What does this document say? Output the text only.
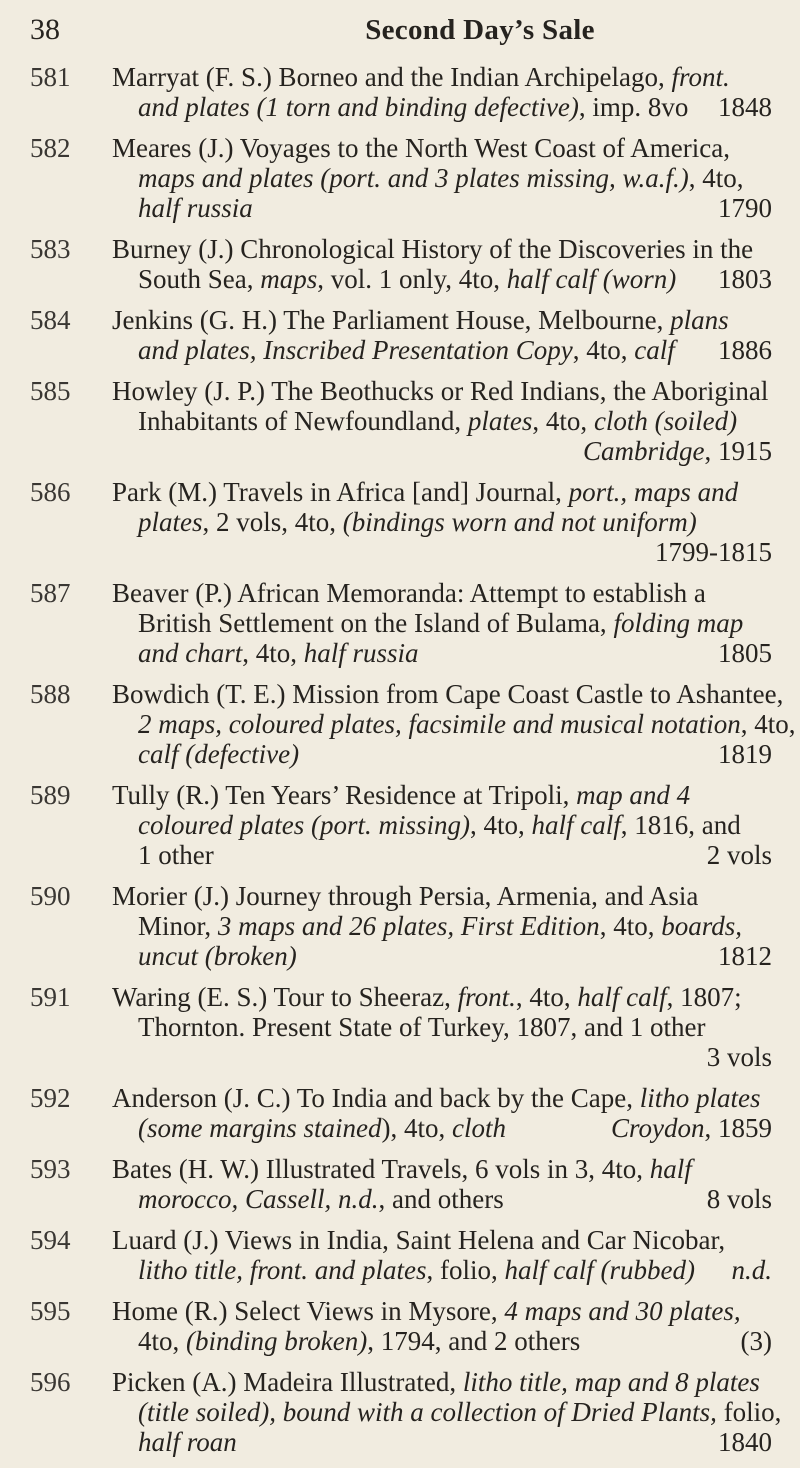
38	Second Day’s Sale
581 Marryat (F. S.) Borneo and the Indian Archipelago, front.
and plates (1 torn and binding defective), imp. 8vo 1848
582 Meares (J.) Voyages to the North West Coast of America,
maps and plates (port. and 3 plates missing, w.a.f.), 4to,
half russia	1790
583 Burney (J.) Chronological History of the Discoveries in the
South Sea, maps, vol. 1 only, 4to, half calf (worn) 1803
584 Jenkins (G. H.) The Parliament House, Melbourne, plans
and plates, Inscribed Presentation Copy, 4to, calf 1886
585 Howley (J. P.) The Beothucks or Red Indians, the Aboriginal
Inhabitants of Newfoundland, plates, 4to, cloth (soiled)
Cambridge, 1915
586 Park (M.) Travels in Africa [and] Journal, port., maps and
plates, 2 vols, 4to, (bindings worn and not uniform)
1799-1815
587 Beaver (P.) African Memoranda: Attempt to establish a
British Settlement on the Island of Bulama, folding map
and chart, 4to, half russia	1805
588 Bowdich (T. E.) Mission from Cape Coast Castle to Ashantee,
2 maps, coloured plates, facsimile and musical notation, 4to,
calf (defective)	1819
589 Tully (R.) Ten Years’ Residence at Tripoli, map and 4
coloured plates (port. missing), 4to, half calf, 1816, and
1 other	2 vols
590 Morier (J.) Journey through Persia, Armenia, and Asia
Minor, 3 maps and 26 plates, First Edition, 4to, boards,
uncut (broken)	1812
591 Waring (E. S.) Tour to Sheeraz, front., 4to, half calf, 1807;
Thornton. Present State of Turkey, 1807, and 1 other
3 vols
592 Anderson (J. C.) To India and back by the Cape, litho plates
(some margins stained), 4to, cloth	Croydon, 1859
593 Bates (H. W.) Illustrated Travels, 6 vols in 3, 4to, half
morocco, Cassell, n.d., and others	8 vols
594 Luard (J.) Views in India, Saint Helena and Car Nicobar,
litho title, front. and plates, folio, half calf (rubbed) n.d.
595 Home (R.) Select Views in Mysore, 4 maps and 30 plates,
4to, (binding broken), 1794, and 2 others	(3)
596 Picken (A.) Madeira Illustrated, litho title, map and 8 plates
(title soiled), bound with a collection of Dried Plants, folio,
half roan	1840
